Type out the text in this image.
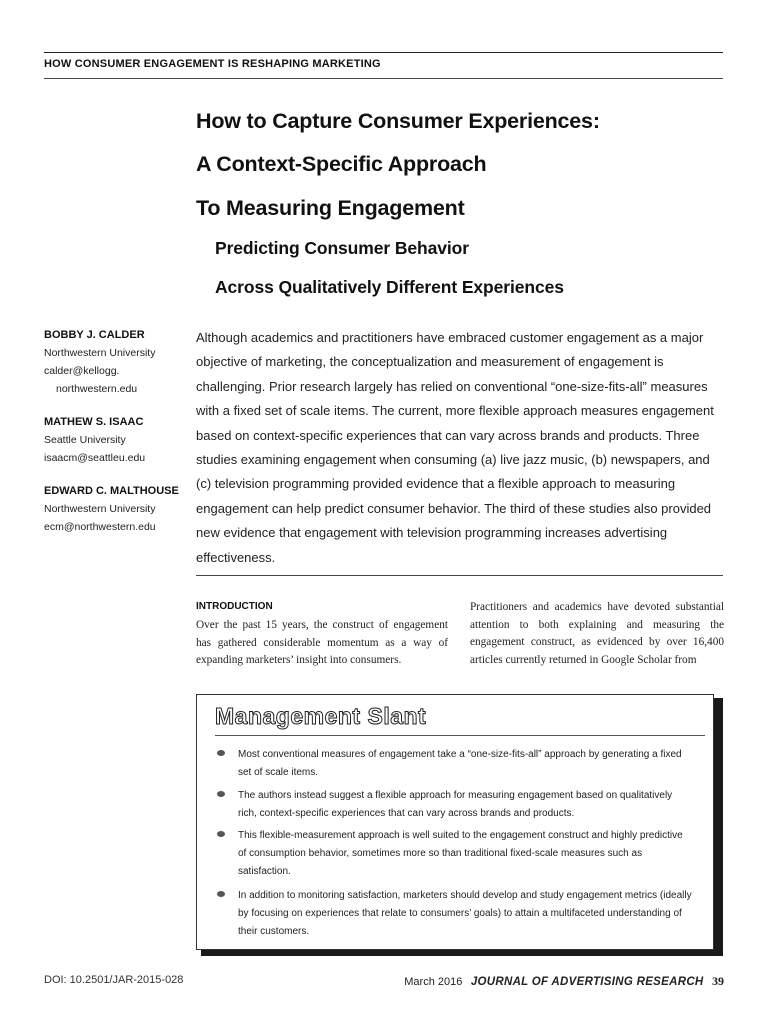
HOW CONSUMER ENGAGEMENT IS RESHAPING MARKETING
How to Capture Consumer Experiences:
A Context-Specific Approach
To Measuring Engagement
Predicting Consumer Behavior
Across Qualitatively Different Experiences
BOBBY J. CALDER
Northwestern University
calder@kellogg.
northwestern.edu
MATHEW S. ISAAC
Seattle University
isaacm@seattleu.edu
EDWARD C. MALTHOUSE
Northwestern University
ecm@northwestern.edu

Although academics and practitioners have embraced customer engagement as a major objective of marketing, the conceptualization and measurement of engagement is challenging. Prior research largely has relied on conventional “one-size-fits-all” measures with a fixed set of scale items. The current, more flexible approach measures engagement based on context-specific experiences that can vary across brands and products. Three studies examining engagement when consuming (a) live jazz music, (b) newspapers, and (c) television programming provided evidence that a flexible approach to measuring engagement can help predict consumer behavior. The third of these studies also provided new evidence that engagement with television programming increases advertising effectiveness.

INTRODUCTION

Over the past 15 years, the construct of engagement has gathered considerable momentum as a way of expanding marketers’ insight into consumers.

Practitioners and academics have devoted substantial attention to both explaining and measuring the engagement construct, as evidenced by over 16,400 articles currently returned in Google Scholar from

Management Slant
Most conventional measures of engagement take a “one-size-fits-all” approach by generating a fixed set of scale items.
The authors instead suggest a flexible approach for measuring engagement based on qualitatively rich, context-specific experiences that can vary across brands and products.
This flexible-measurement approach is well suited to the engagement construct and highly predictive of consumption behavior, sometimes more so than traditional fixed-scale measures such as satisfaction.
In addition to monitoring satisfaction, marketers should develop and study engagement metrics (ideally by focusing on experiences that relate to consumers’ goals) to attain a multifaceted understanding of their customers.
DOI: 10.2501/JAR-2015-028	March 2016 JOURNAL OF ADVERTISING RESEARCH 39
